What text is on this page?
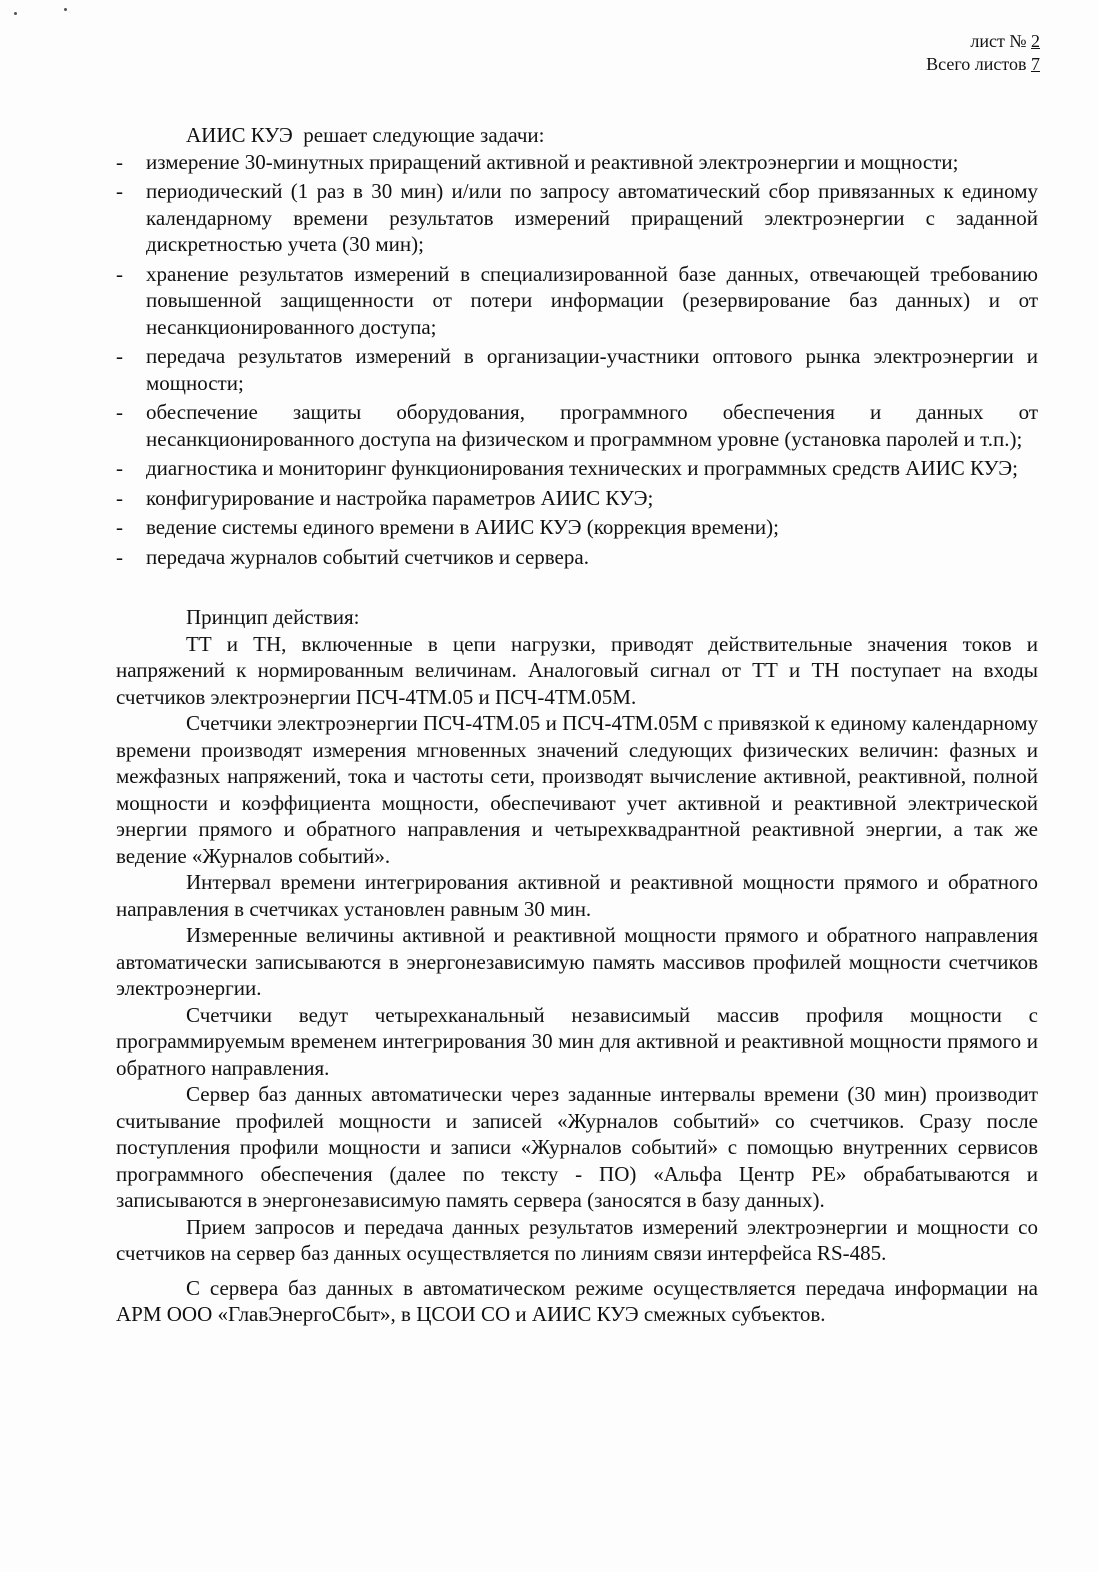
лист № 2
Всего листов 7

АИИС КУЭ  решает следующие задачи:

- измерение 30-минутных приращений активной и реактивной электроэнергии и мощности;
- периодический (1 раз в 30 мин) и/или по запросу автоматический сбор привязанных к единому календарному времени результатов измерений приращений электроэнергии с заданной дискретностью учета (30 мин);
- хранение результатов измерений в специализированной базе данных, отвечающей требованию повышенной защищенности от потери информации (резервирование баз данных) и от несанкционированного доступа;
- передача результатов измерений в организации-участники оптового рынка электроэнергии и мощности;
- обеспечение защиты оборудования, программного обеспечения и данных от несанкционированного доступа на физическом и программном уровне (установка паролей и т.п.);
- диагностика и мониторинг функционирования технических и программных средств АИИС КУЭ;
- конфигурирование и настройка параметров АИИС КУЭ;
- ведение системы единого времени в АИИС КУЭ (коррекция времени);
- передача журналов событий счетчиков и сервера.

Принцип действия:

ТТ и ТН, включенные в цепи нагрузки, приводят действительные значения токов и напряжений к нормированным величинам. Аналоговый сигнал от ТТ и ТН поступает на входы счетчиков электроэнергии ПСЧ-4ТМ.05 и ПСЧ-4ТМ.05М.

Счетчики электроэнергии ПСЧ-4ТМ.05 и ПСЧ-4ТМ.05М с привязкой к единому календарному времени производят измерения мгновенных значений следующих физических величин: фазных и межфазных напряжений, тока и частоты сети, производят вычисление активной, реактивной, полной мощности и коэффициента мощности, обеспечивают учет активной и реактивной электрической энергии прямого и обратного направления и четырехквадрантной реактивной энергии, а так же ведение «Журналов событий».

Интервал времени интегрирования активной и реактивной мощности прямого и обратного направления в счетчиках установлен равным 30 мин.

Измеренные величины активной и реактивной мощности прямого и обратного направления автоматически записываются в энергонезависимую память массивов профилей мощности счетчиков электроэнергии.

Счетчики ведут четырехканальный независимый массив профиля мощности с программируемым временем интегрирования 30 мин для активной и реактивной мощности прямого и обратного направления.

Сервер баз данных автоматически через заданные интервалы времени (30 мин) производит считывание профилей мощности и записей «Журналов событий» со счетчиков. Сразу после поступления профили мощности и записи «Журналов событий» с помощью внутренних сервисов программного обеспечения (далее по тексту - ПО) «Альфа Центр РЕ» обрабатываются и записываются в энергонезависимую память сервера (заносятся в базу данных).

Прием запросов и передача данных результатов измерений электроэнергии и мощности со счетчиков на сервер баз данных осуществляется по линиям связи интерфейса RS-485.

С сервера баз данных в автоматическом режиме осуществляется передача информации на АРМ ООО «ГлавЭнергоСбыт», в ЦСОИ СО и АИИС КУЭ смежных субъектов.
